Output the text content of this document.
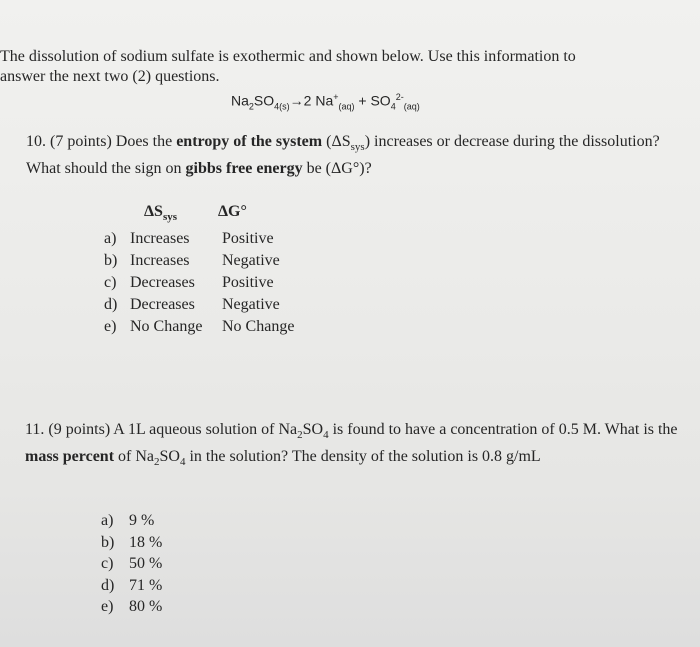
The dissolution of sodium sulfate is exothermic and shown below. Use this information to
answer the next two (2) questions.
$Na_2SO_{4(s)}\to 2$ $Na^+_{(aq)} + SO_4^{2-}_{(aq)}$
10. (7 points) Does the entropy of the system $(\Delta S_{sys})$ increases or decrease during the dissolution? What should the sign on gibbs free energy be (ΔG°)?
$\Delta S_{sys}$	ΔG°
a) Increases	Positive
b) Increases	Negative
c) Decreases	Positive
d) Decreases	Negative
e) No Change	No Change
11. (9 points) A 1L aqueous solution of $Na_2SO_4$ is found to have a concentration of 0.5 M. What is the mass percent of $Na_2SO_4$ in the solution? The density of the solution is 0.8 g/mL
a) 9 %
b) 18 %
c) 50 %
d) 71 %
e) 80 %
